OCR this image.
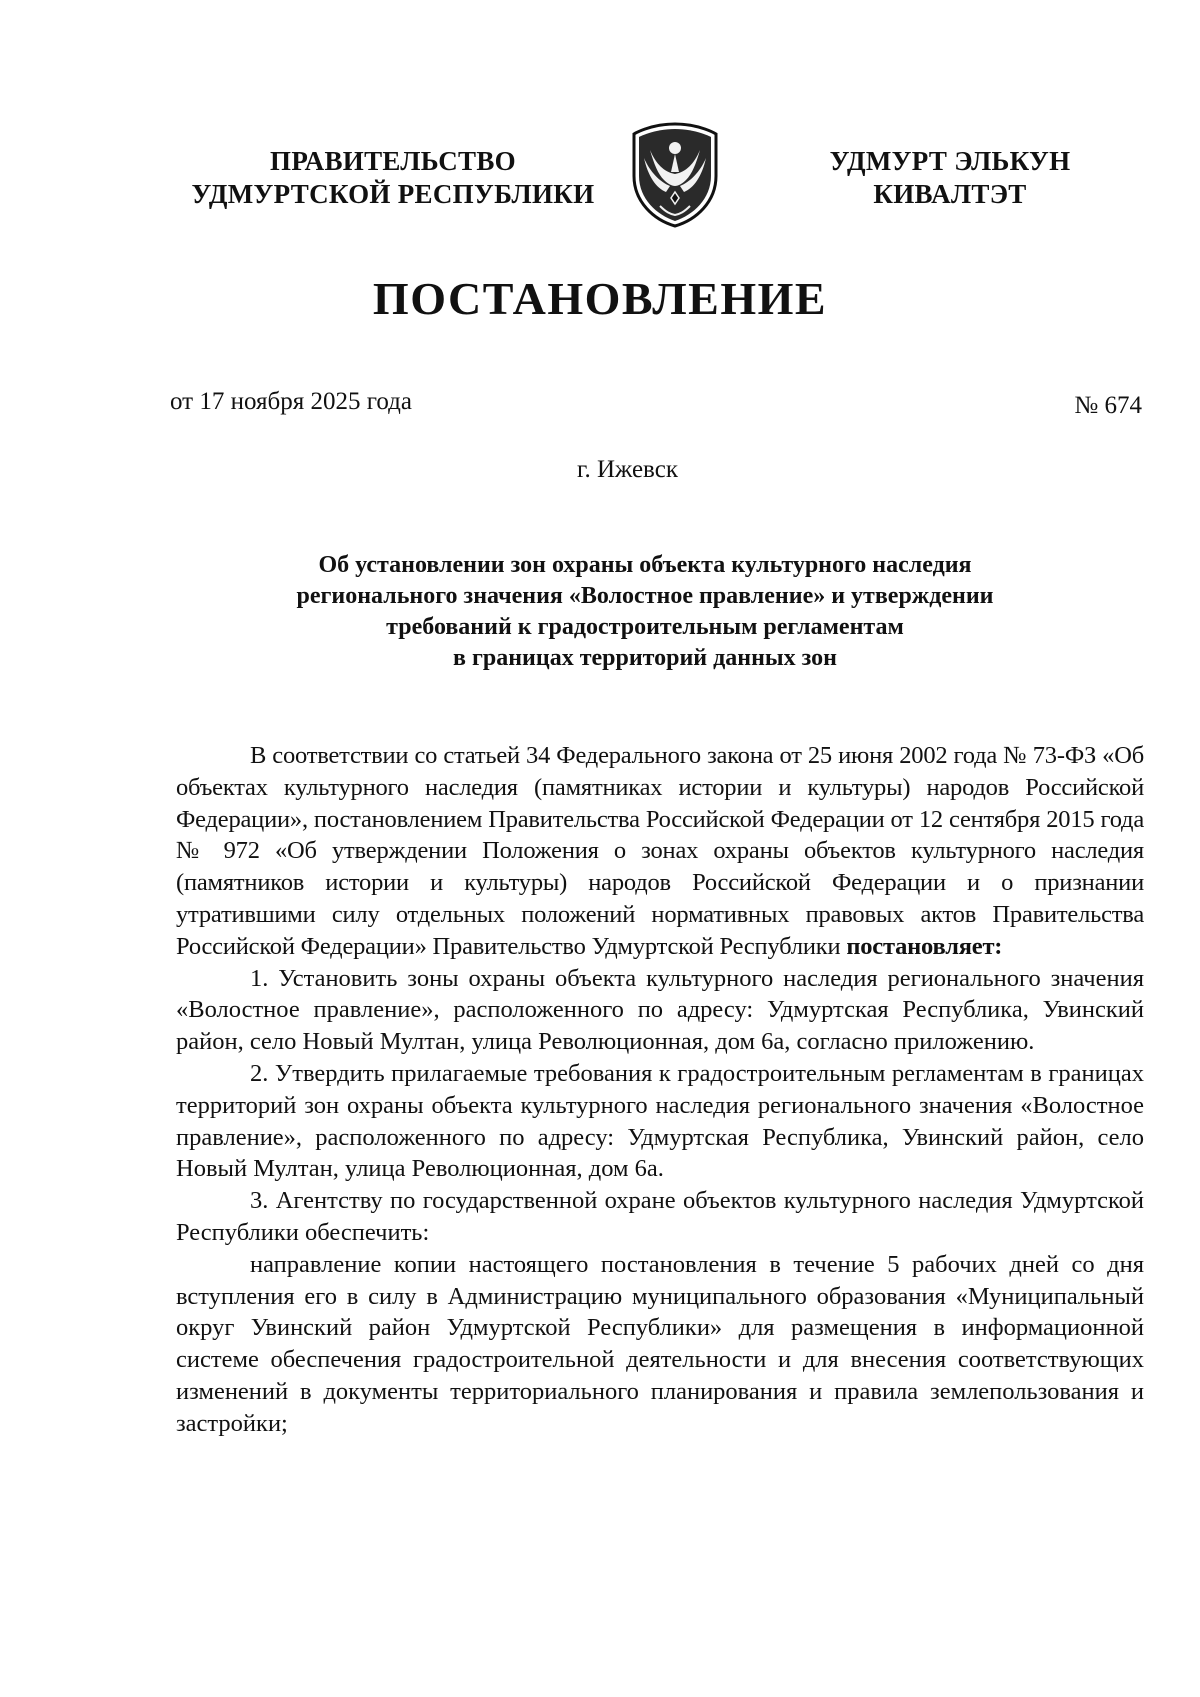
ПРАВИТЕЛЬСТВО
УДМУРТСКОЙ РЕСПУБЛИКИ
УДМУРТ ЭЛЬКУН
КИВАЛТЭТ
ПОСТАНОВЛЕНИЕ
от 17 ноября 2025 года	№ 674
г. Ижевск
Об установлении зон охраны объекта культурного наследия
регионального значения «Волостное правление» и утверждении
требований к градостроительным регламентам
в границах территорий данных зон

В соответствии со статьей 34 Федерального закона от 25 июня 2002 года № 73-ФЗ «Об объектах культурного наследия (памятниках истории и культуры) народов Российской Федерации», постановлением Правительства Российской Федерации от 12 сентября 2015 года № 972 «Об утверждении Положения о зонах охраны объектов культурного наследия (памятников истории и культуры) народов Российской Федерации и о признании утратившими силу отдельных положений нормативных правовых актов Правительства Российской Федерации» Правительство Удмуртской Республики постановляет:

1. Установить зоны охраны объекта культурного наследия регионального значения «Волостное правление», расположенного по адресу: Удмуртская Республика, Увинский район, село Новый Мултан, улица Революционная, дом 6а, согласно приложению.

2. Утвердить прилагаемые требования к градостроительным регламентам в границах территорий зон охраны объекта культурного наследия регионального значения «Волостное правление», расположенного по адресу: Удмуртская Республика, Увинский район, село Новый Мултан, улица Революционная, дом 6а.

3. Агентству по государственной охране объектов культурного наследия Удмуртской Республики обеспечить:

направление копии настоящего постановления в течение 5 рабочих дней со дня вступления его в силу в Администрацию муниципального образования «Муниципальный округ Увинский район Удмуртской Республики» для размещения в информационной системе обеспечения градостроительной деятельности и для внесения соответствующих изменений в документы территориального планирования и правила землепользования и застройки;
